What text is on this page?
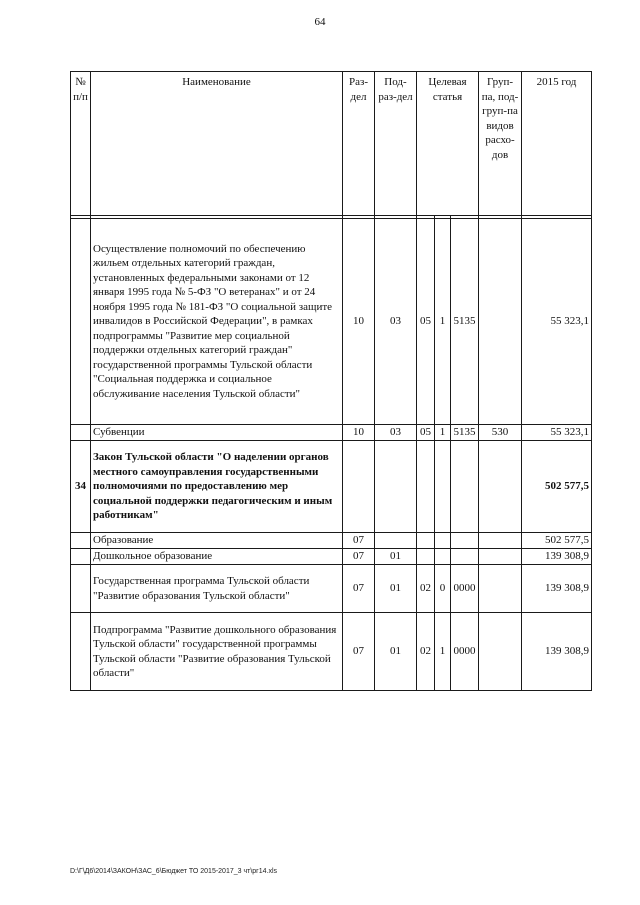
64
№ п/п	Наименование	Раз-дел	Под-раз-дел	Целевая статья			Груп-па, под-груп-па видов расхо-дов	2015 год

	Осуществление полномочий по обеспечению жильем отдельных категорий граждан, установленных федеральными законами от 12 января 1995 года № 5-ФЗ "О ветеранах" и от 24 ноября 1995 года № 181-ФЗ "О социальной защите инвалидов в Российской Федерации", в рамках подпрограммы "Развитие мер социальной поддержки отдельных категорий граждан" государственной программы Тульской области "Социальная поддержка и социальное обслуживание населения Тульской области"	10	03	05	1	5135		55 323,1
	Субвенции	10	03	05	1	5135	530	55 323,1
34	Закон Тульской области "О наделении органов местного самоуправления государственными полномочиями по предоставлению мер социальной поддержки педагогическим и иным работникам"							502 577,5
	Образование	07						502 577,5
	Дошкольное образование	07	01					139 308,9
	Государственная программа Тульской области "Развитие образования Тульской области"	07	01	02	0	0000		139 308,9
	Подпрограмма "Развитие дошкольного образования Тульской области" государственной программы Тульской области "Развитие образования Тульской области"	07	01	02	1	0000		139 308,9
D:\Г\Д6\2014\ЗАКОН\ЗАС_6\Бюджет ТО 2015-2017_3 чт\рг14.xls
